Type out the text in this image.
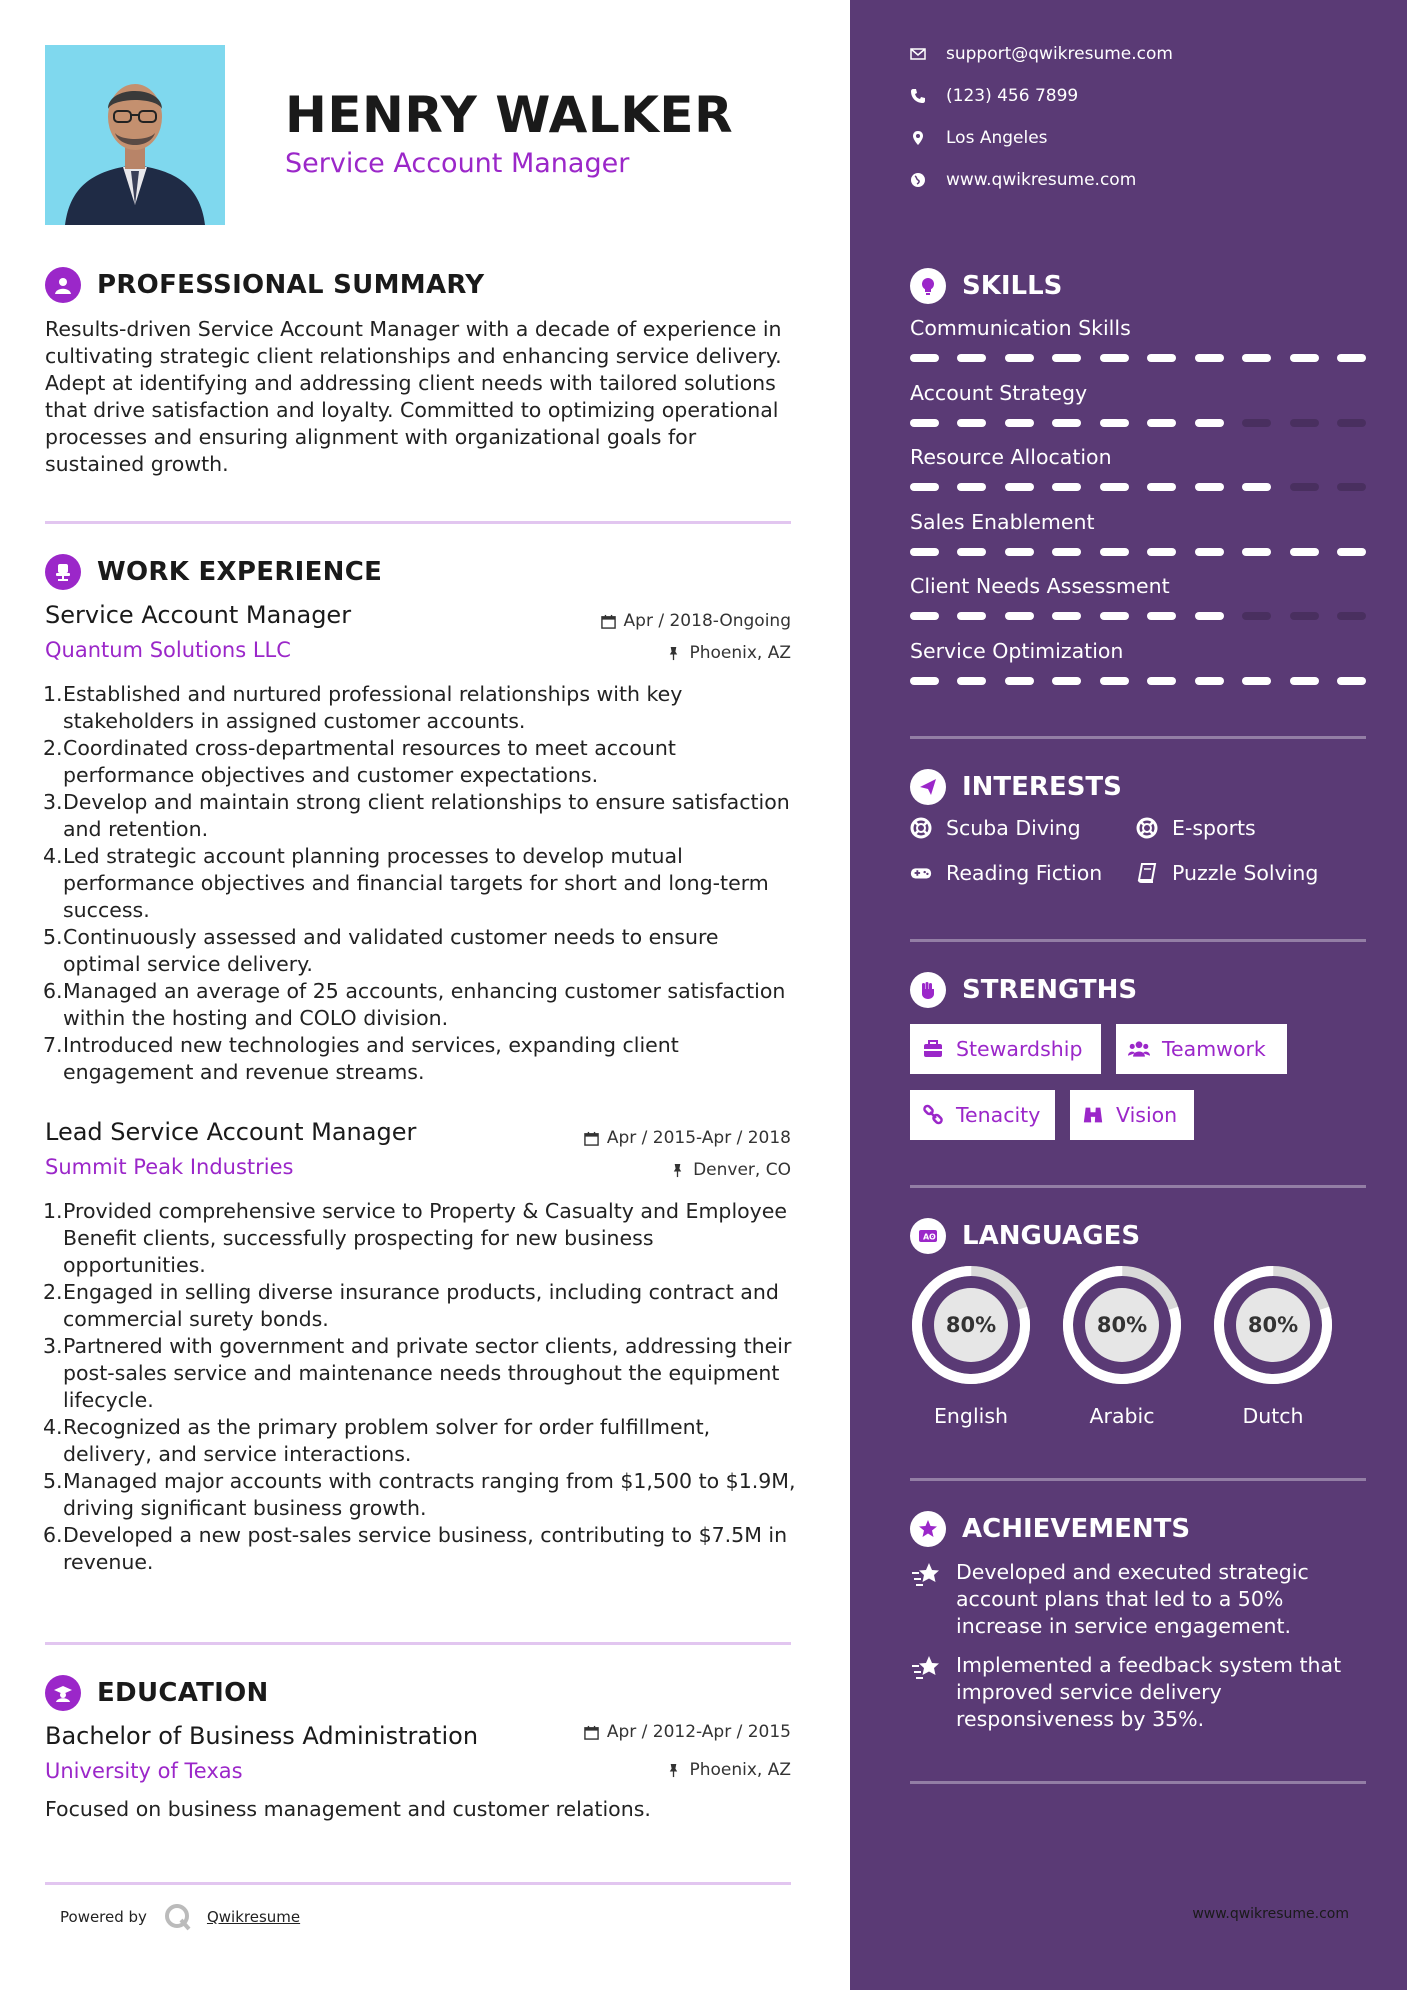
HENRY WALKER
Service Account Manager
PROFESSIONAL SUMMARY
Results-driven Service Account Manager with a decade of experience in cultivating strategic client relationships and enhancing service delivery. Adept at identifying and addressing client needs with tailored solutions that drive satisfaction and loyalty. Committed to optimizing operational processes and ensuring alignment with organizational goals for sustained growth.
WORK EXPERIENCE
Service Account Manager
Quantum Solutions LLC
Apr / 2018-Ongoing
Phoenix, AZ
Established and nurtured professional relationships with key stakeholders in assigned customer accounts.
Coordinated cross-departmental resources to meet account performance objectives and customer expectations.
Develop and maintain strong client relationships to ensure satisfaction and retention.
Led strategic account planning processes to develop mutual performance objectives and financial targets for short and long-term success.
Continuously assessed and validated customer needs to ensure optimal service delivery.
Managed an average of 25 accounts, enhancing customer satisfaction within the hosting and COLO division.
Introduced new technologies and services, expanding client engagement and revenue streams.
Lead Service Account Manager
Summit Peak Industries
Apr / 2015-Apr / 2018
Denver, CO
Provided comprehensive service to Property & Casualty and Employee Benefit clients, successfully prospecting for new business opportunities.
Engaged in selling diverse insurance products, including contract and commercial surety bonds.
Partnered with government and private sector clients, addressing their post-sales service and maintenance needs throughout the equipment lifecycle.
Recognized as the primary problem solver for order fulfillment, delivery, and service interactions.
Managed major accounts with contracts ranging from $1,500 to $1.9M, driving significant business growth.
Developed a new post-sales service business, contributing to $7.5M in revenue.
EDUCATION
Bachelor of Business Administration
University of Texas
Apr / 2012-Apr / 2015
Phoenix, AZ
Focused on business management and customer relations.
Powered by	Qwikresume
support@qwikresume.com
(123) 456 7899
Los Angeles
www.qwikresume.com
SKILLS
Communication Skills
Account Strategy
Resource Allocation
Sales Enablement
Client Needs Assessment
Service Optimization
INTERESTS
Scuba Diving	E-sports
Reading Fiction	Puzzle Solving
STRENGTHS
Stewardship	Teamwork
Tenacity	Vision
A ʘ LANGUAGES
80%
English
80%
Arabic
80%
Dutch
ACHIEVEMENTS
Developed and executed strategic account plans that led to a 50% increase in service engagement.
Implemented a feedback system that improved service delivery responsiveness by 35%.
www.qwikresume.com
